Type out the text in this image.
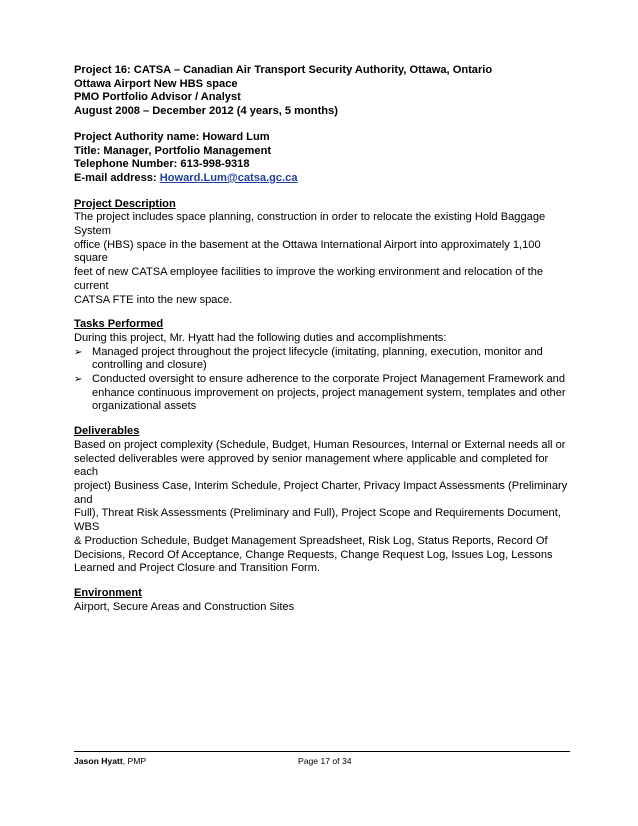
Project 16: CATSA – Canadian Air Transport Security Authority, Ottawa, Ontario
Ottawa Airport New HBS space
PMO Portfolio Advisor / Analyst
August 2008 – December 2012 (4 years, 5 months)
Project Authority name: Howard Lum
Title: Manager, Portfolio Management
Telephone Number: 613-998-9318
E-mail address: Howard.Lum@catsa.gc.ca
Project Description
The project includes space planning, construction in order to relocate the existing Hold Baggage System
office (HBS) space in the basement at the Ottawa International Airport into approximately 1,100 square
feet of new CATSA employee facilities to improve the working environment and relocation of the current
CATSA FTE into the new space.
Tasks Performed
During this project, Mr. Hyatt had the following duties and accomplishments:
➢ Managed project throughout the project lifecycle (imitating, planning, execution, monitor and
controlling and closure)
➢ Conducted oversight to ensure adherence to the corporate Project Management Framework and
enhance continuous improvement on projects, project management system, templates and other
organizational assets
Deliverables
Based on project complexity (Schedule, Budget, Human Resources, Internal or External needs all or
selected deliverables were approved by senior management where applicable and completed for each
project) Business Case, Interim Schedule, Project Charter, Privacy Impact Assessments (Preliminary and
Full), Threat Risk Assessments (Preliminary and Full), Project Scope and Requirements Document, WBS
& Production Schedule, Budget Management Spreadsheet, Risk Log, Status Reports, Record Of
Decisions, Record Of Acceptance, Change Requests, Change Request Log, Issues Log, Lessons
Learned and Project Closure and Transition Form.
Environment
Airport, Secure Areas and Construction Sites
Jason Hyatt, PMP	Page 17 of 34
